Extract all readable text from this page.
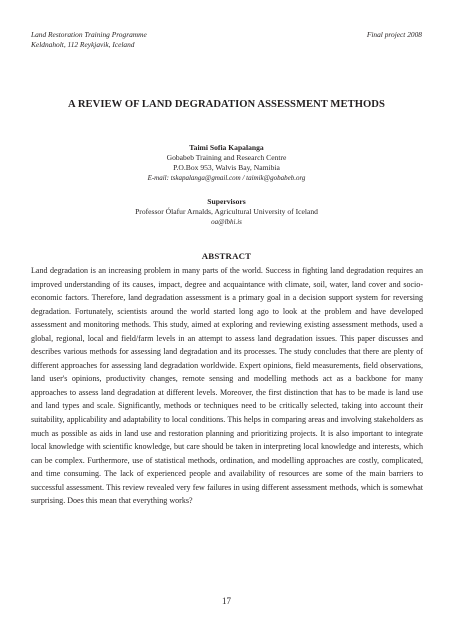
Land Restoration Training Programme
Keldnaholt, 112 Reykjavik, Iceland
Final project 2008
A REVIEW OF LAND DEGRADATION ASSESSMENT METHODS
Taimi Sofia Kapalanga
Gobabeb Training and Research Centre
P.O.Box 953, Walvis Bay, Namibia
E-mail: tskapalanga@gmail.com / taimik@gobabeb.org
Supervisors
Professor Ólafur Arnalds, Agricultural University of Iceland
oa@lbhi.is
ABSTRACT
Land degradation is an increasing problem in many parts of the world. Success in fighting land degradation requires an improved understanding of its causes, impact, degree and acquaintance with climate, soil, water, land cover and socio-economic factors. Therefore, land degradation assessment is a primary goal in a decision support system for reversing degradation. Fortunately, scientists around the world started long ago to look at the problem and have developed assessment and monitoring methods. This study, aimed at exploring and reviewing existing assessment methods, used a global, regional, local and field/farm levels in an attempt to assess land degradation issues. This paper discusses and describes various methods for assessing land degradation and its processes. The study concludes that there are plenty of different approaches for assessing land degradation worldwide. Expert opinions, field measurements, field observations, land user's opinions, productivity changes, remote sensing and modelling methods act as a backbone for many approaches to assess land degradation at different levels. Moreover, the first distinction that has to be made is land use and land types and scale. Significantly, methods or techniques need to be critically selected, taking into account their suitability, applicability and adaptability to local conditions. This helps in comparing areas and involving stakeholders as much as possible as aids in land use and restoration planning and prioritizing projects. It is also important to integrate local knowledge with scientific knowledge, but care should be taken in interpreting local knowledge and interests, which can be complex. Furthermore, use of statistical methods, ordination, and modelling approaches are costly, complicated, and time consuming. The lack of experienced people and availability of resources are some of the main barriers to successful assessment. This review revealed very few failures in using different assessment methods, which is somewhat surprising. Does this mean that everything works?
17
